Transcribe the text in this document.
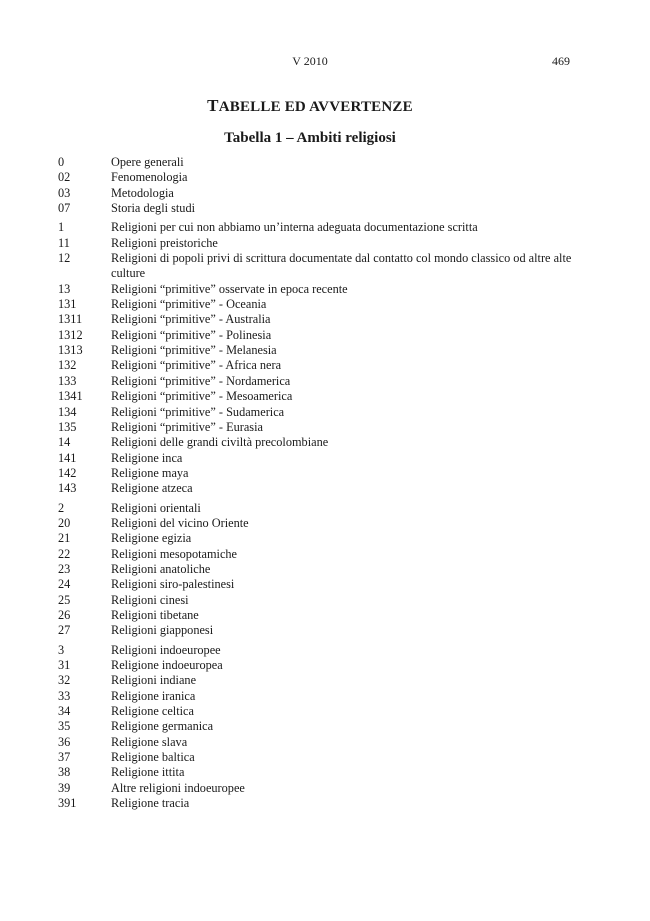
V 2010	469
TABELLE ED AVVERTENZE
Tabella 1 – Ambiti religiosi
0	Opere generali
02	Fenomenologia
03	Metodologia
07	Storia degli studi
1	Religioni per cui non abbiamo un’interna adeguata documentazione scritta
11	Religioni preistoriche
12	Religioni di popoli privi di scrittura documentate dal contatto col mondo classico od altre alte culture
13	Religioni “primitive” osservate in epoca recente
131	Religioni “primitive” - Oceania
1311	Religioni “primitive” - Australia
1312	Religioni “primitive” - Polinesia
1313	Religioni “primitive” - Melanesia
132	Religioni “primitive” - Africa nera
133	Religioni “primitive” - Nordamerica
1341	Religioni “primitive” - Mesoamerica
134	Religioni “primitive” - Sudamerica
135	Religioni “primitive” - Eurasia
14	Religioni delle grandi civiltà precolombiane
141	Religione inca
142	Religione maya
143	Religione atzeca
2	Religioni orientali
20	Religioni del vicino Oriente
21	Religione egizia
22	Religioni mesopotamiche
23	Religioni anatoliche
24	Religioni siro-palestinesi
25	Religioni cinesi
26	Religioni tibetane
27	Religioni giapponesi
3	Religioni indoeuropee
31	Religione indoeuropea
32	Religioni indiane
33	Religione iranica
34	Religione celtica
35	Religione germanica
36	Religione slava
37	Religione baltica
38	Religione ittita
39	Altre religioni indoeuropee
391	Religione tracia
